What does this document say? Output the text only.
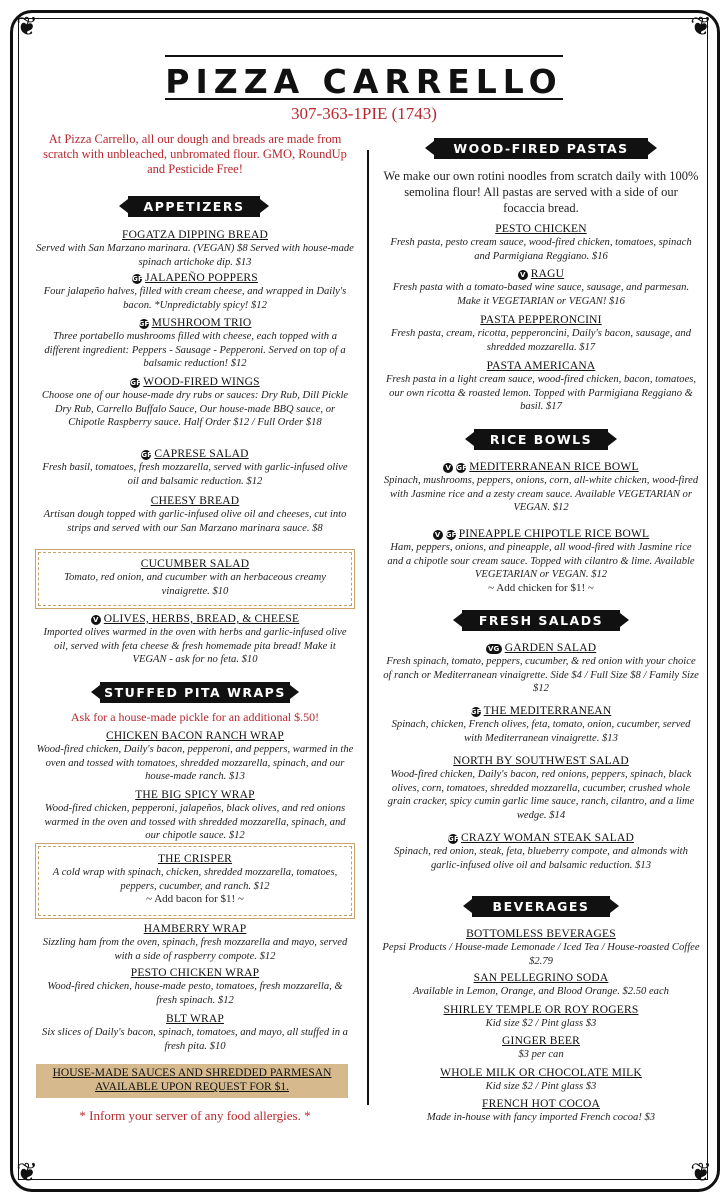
❦	❦
❦	❦
PIZZA CARRELLO
307-363-1PIE (1743)
At Pizza Carrello, all our dough and breads are made from scratch with unbleached, unbromated flour. GMO, RoundUp and Pesticide Free!
APPETIZERS
FOGATZA DIPPING BREAD
Served with San Marzano marinara. (VEGAN) $8 Served with house-made spinach artichoke dip. $13
GF JALAPEÑO POPPERS
Four jalapeño halves, filled with cream cheese, and wrapped in Daily's bacon. *Unpredictably spicy! $12
GF MUSHROOM TRIO
Three portabello mushrooms filled with cheese, each topped with a different ingredient: Peppers - Sausage - Pepperoni. Served on top of a balsamic reduction! $12
GF WOOD-FIRED WINGS
Choose one of our house-made dry rubs or sauces: Dry Rub, Dill Pickle Dry Rub, Carrello Buffalo Sauce, Our house-made BBQ sauce, or Chipotle Raspberry sauce. Half Order $12 / Full Order $18
GF CAPRESE SALAD
Fresh basil, tomatoes, fresh mozzarella, served with garlic-infused olive oil and balsamic reduction. $12
CHEESY BREAD
Artisan dough topped with garlic-infused olive oil and cheeses, cut into strips and served with our San Marzano marinara sauce. $8
CUCUMBER SALAD
Tomato, red onion, and cucumber with an herbaceous creamy vinaigrette. $10
V OLIVES, HERBS, BREAD, & CHEESE
Imported olives warmed in the oven with herbs and garlic-infused olive oil, served with feta cheese & fresh homemade pita bread! Make it VEGAN - ask for no feta. $10
STUFFED PITA WRAPS
Ask for a house-made pickle for an additional $.50!
CHICKEN BACON RANCH WRAP
Wood-fired chicken, Daily's bacon, pepperoni, and peppers, warmed in the oven and tossed with tomatoes, shredded mozzarella, spinach, and our house-made ranch. $13
THE BIG SPICY WRAP
Wood-fired chicken, pepperoni, jalapeños, black olives, and red onions warmed in the oven and tossed with shredded mozzarella, spinach, and our chipotle sauce. $12
THE CRISPER
A cold wrap with spinach, chicken, shredded mozzarella, tomatoes, peppers, cucumber, and ranch. $12
~ Add bacon for $1! ~
HAMBERRY WRAP
Sizzling ham from the oven, spinach, fresh mozzarella and mayo, served with a side of raspberry compote. $12
PESTO CHICKEN WRAP
Wood-fired chicken, house-made pesto, tomatoes, fresh mozzarella, & fresh spinach. $12
BLT WRAP
Six slices of Daily's bacon, spinach, tomatoes, and mayo, all stuffed in a fresh pita. $10
HOUSE-MADE SAUCES AND SHREDDED PARMESAN AVAILABLE UPON REQUEST FOR $1.
* Inform your server of any food allergies. *
WOOD-FIRED PASTAS
We make our own rotini noodles from scratch daily with 100% semolina flour! All pastas are served with a side of our focaccia bread.
PESTO CHICKEN
Fresh pasta, pesto cream sauce, wood-fired chicken, tomatoes, spinach and Parmigiana Reggiano. $16
V RAGU
Fresh pasta with a tomato-based wine sauce, sausage, and parmesan. Make it VEGETARIAN or VEGAN! $16
PASTA PEPPERONCINI
Fresh pasta, cream, ricotta, pepperoncini, Daily's bacon, sausage, and shredded mozzarella. $17
PASTA AMERICANA
Fresh pasta in a light cream sauce, wood-fired chicken, bacon, tomatoes, our own ricotta & roasted lemon. Topped with Parmigiana Reggiano & basil. $17
RICE BOWLS
V GF MEDITERRANEAN RICE BOWL
Spinach, mushrooms, peppers, onions, corn, all-white chicken, wood-fired with Jasmine rice and a zesty cream sauce. Available VEGETARIAN or VEGAN. $12
V GF PINEAPPLE CHIPOTLE RICE BOWL
Ham, peppers, onions, and pineapple, all wood-fired with Jasmine rice and a chipotle sour cream sauce. Topped with cilantro & lime. Available VEGETARIAN or VEGAN. $12
~ Add chicken for $1! ~
FRESH SALADS
VG GARDEN SALAD
Fresh spinach, tomato, peppers, cucumber, & red onion with your choice of ranch or Mediterranean vinaigrette. Side $4 / Full Size $8 / Family Size $12
GF THE MEDITERRANEAN
Spinach, chicken, French olives, feta, tomato, onion, cucumber, served with Mediterranean vinaigrette. $13
NORTH BY SOUTHWEST SALAD
Wood-fired chicken, Daily's bacon, red onions, peppers, spinach, black olives, corn, tomatoes, shredded mozzarella, cucumber, crushed whole grain cracker, spicy cumin garlic lime sauce, ranch, cilantro, and a lime wedge. $14
GF CRAZY WOMAN STEAK SALAD
Spinach, red onion, steak, feta, blueberry compote, and almonds with garlic-infused olive oil and balsamic reduction. $13
BEVERAGES
BOTTOMLESS BEVERAGES
Pepsi Products / House-made Lemonade / Iced Tea / House-roasted Coffee $2.79
SAN PELLEGRINO SODA
Available in Lemon, Orange, and Blood Orange. $2.50 each
SHIRLEY TEMPLE OR ROY ROGERS
Kid size $2 / Pint glass $3
GINGER BEER
$3 per can
WHOLE MILK OR CHOCOLATE MILK
Kid size $2 / Pint glass $3
FRENCH HOT COCOA
Made in-house with fancy imported French cocoa! $3
